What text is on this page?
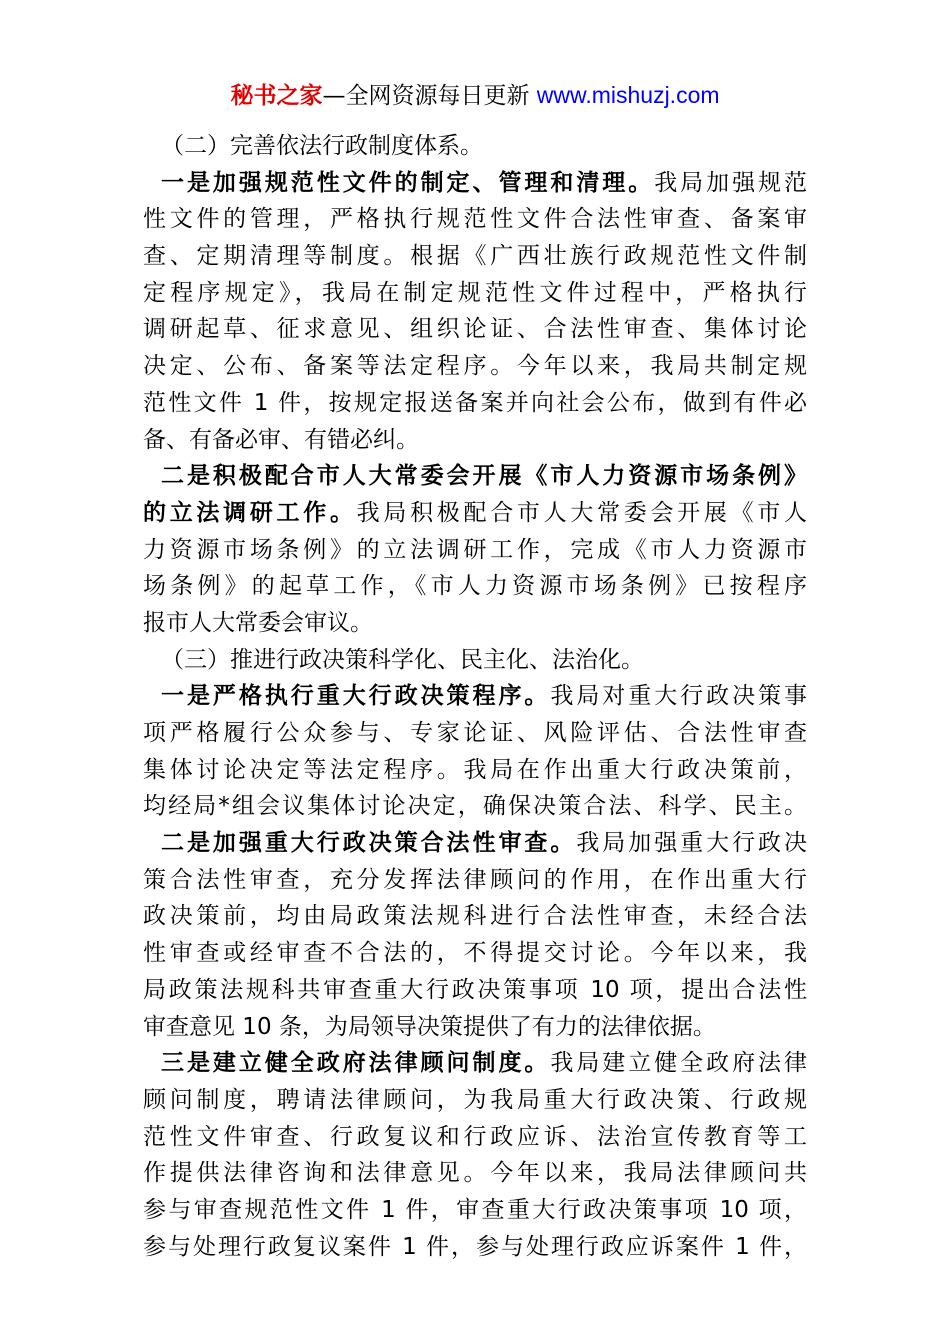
秘书之家—全网资源每日更新 www.mishuzj.com
（二）完善依法行政制度体系。
一是加强规范性文件的制定、管理和清理。我局加强规范
性文件的管理，严格执行规范性文件合法性审查、备案审
查、定期清理等制度。根据《广西壮族行政规范性文件制
定程序规定》，我局在制定规范性文件过程中，严格执行
调研起草、征求意见、组织论证、合法性审查、集体讨论
决定、公布、备案等法定程序。今年以来，我局共制定规
范性文件 1 件，按规定报送备案并向社会公布，做到有件必
备、有备必审、有错必纠。
二是积极配合市人大常委会开展《市人力资源市场条例》
的立法调研工作。我局积极配合市人大常委会开展《市人
力资源市场条例》的立法调研工作，完成《市人力资源市
场条例》的起草工作，《市人力资源市场条例》已按程序
报市人大常委会审议。
（三）推进行政决策科学化、民主化、法治化。
一是严格执行重大行政决策程序。我局对重大行政决策事
项严格履行公众参与、专家论证、风险评估、合法性审查
集体讨论决定等法定程序。我局在作出重大行政决策前，
均经局*组会议集体讨论决定，确保决策合法、科学、民主。
二是加强重大行政决策合法性审查。我局加强重大行政决
策合法性审查，充分发挥法律顾问的作用，在作出重大行
政决策前，均由局政策法规科进行合法性审查，未经合法
性审查或经审查不合法的，不得提交讨论。今年以来，我
局政策法规科共审查重大行政决策事项 10 项，提出合法性
审查意见 10 条，为局领导决策提供了有力的法律依据。
三是建立健全政府法律顾问制度。我局建立健全政府法律
顾问制度，聘请法律顾问，为我局重大行政决策、行政规
范性文件审查、行政复议和行政应诉、法治宣传教育等工
作提供法律咨询和法律意见。今年以来，我局法律顾问共
参与审查规范性文件 1 件，审查重大行政决策事项 10 项，
参与处理行政复议案件 1 件，参与处理行政应诉案件 1 件，
